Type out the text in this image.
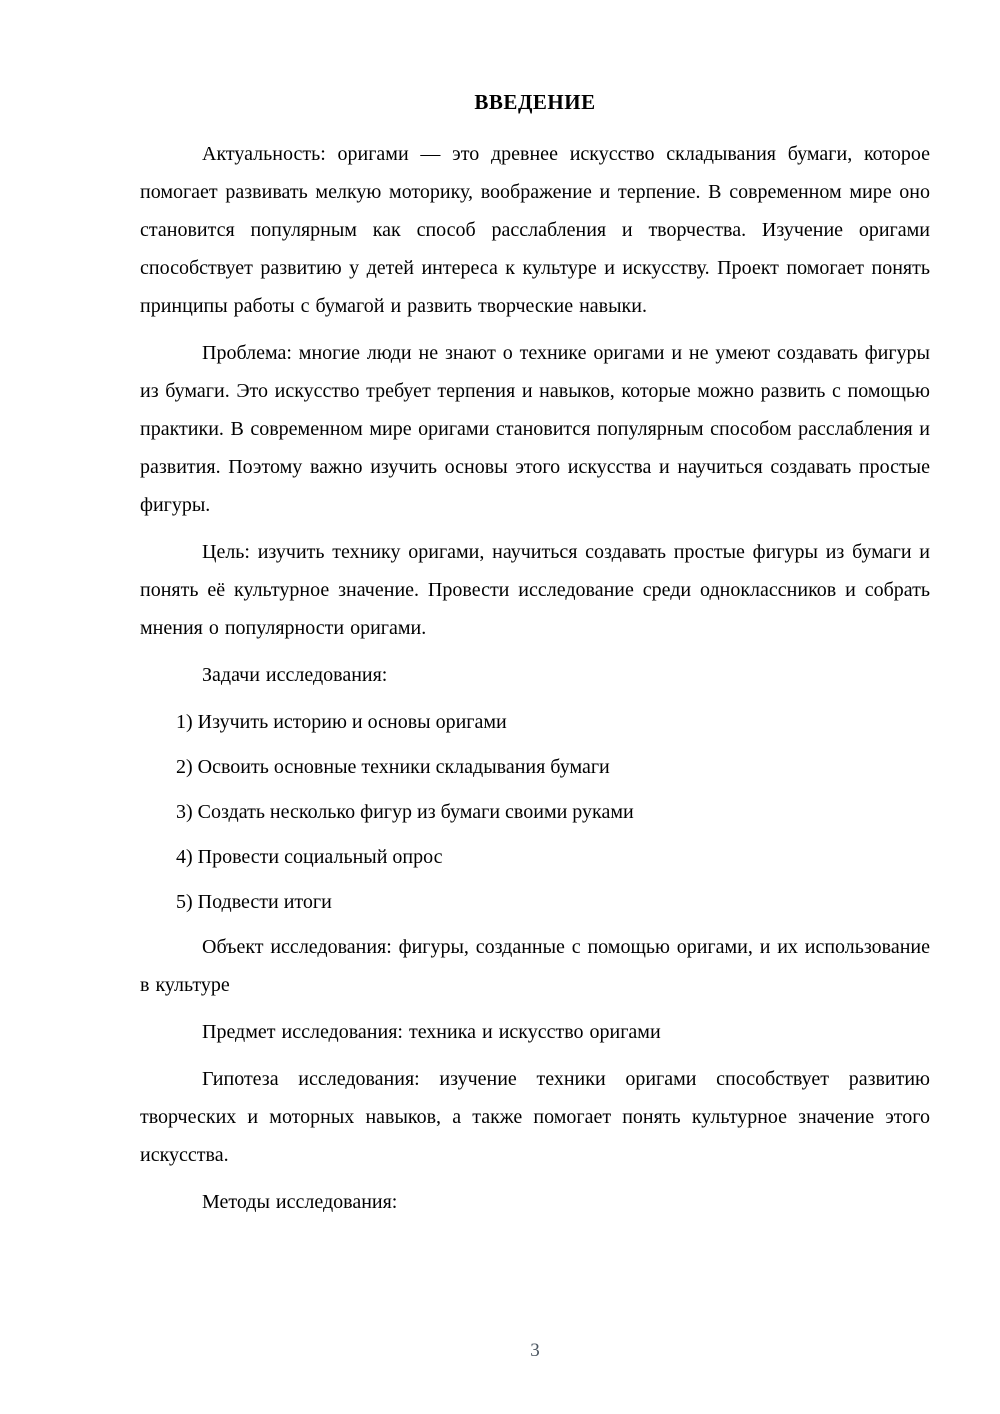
ВВЕДЕНИЕ

Актуальность: оригами — это древнее искусство складывания бумаги, которое помогает развивать мелкую моторику, воображение и терпение. В современном мире оно становится популярным как способ расслабления и творчества. Изучение оригами способствует развитию у детей интереса к культуре и искусству. Проект помогает понять принципы работы с бумагой и развить творческие навыки.

Проблема: многие люди не знают о технике оригами и не умеют создавать фигуры из бумаги. Это искусство требует терпения и навыков, которые можно развить с помощью практики. В современном мире оригами становится популярным способом расслабления и развития. Поэтому важно изучить основы этого искусства и научиться создавать простые фигуры.

Цель: изучить технику оригами, научиться создавать простые фигуры из бумаги и понять её культурное значение. Провести исследование среди одноклассников и собрать мнения о популярности оригами.

Задачи исследования:

1) Изучить историю и основы оригами
2) Освоить основные техники складывания бумаги
3) Создать несколько фигур из бумаги своими руками
4) Провести социальный опрос
5) Подвести итоги

Объект исследования: фигуры, созданные с помощью оригами, и их использование в культуре

Предмет исследования: техника и искусство оригами

Гипотеза исследования: изучение техники оригами способствует развитию творческих и моторных навыков, а также помогает понять культурное значение этого искусства.

Методы исследования:

3
